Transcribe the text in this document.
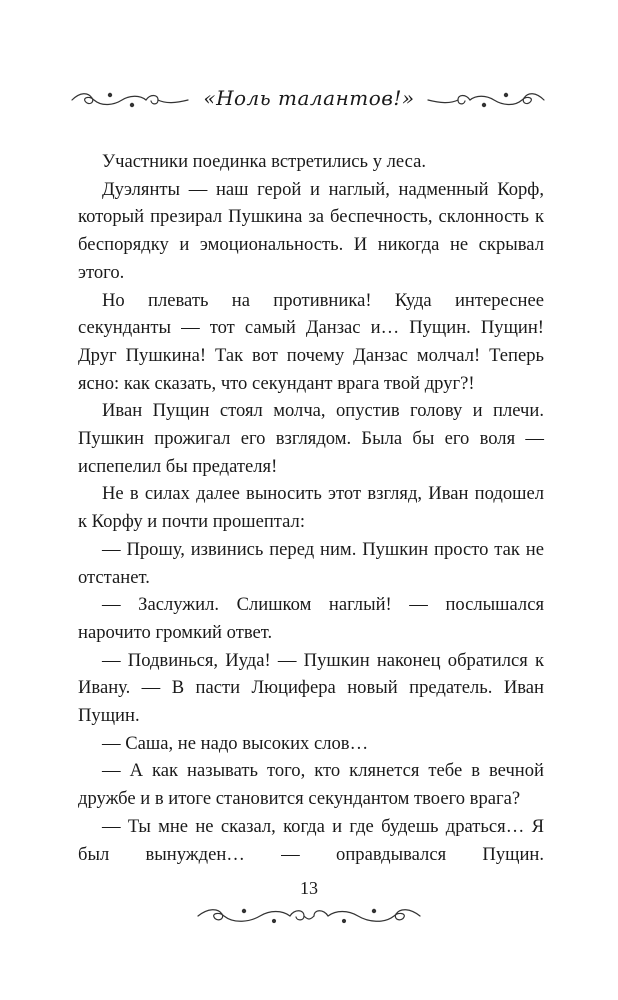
«Ноль талантов!»

Участники поединка встретились у леса.

Дуэлянты — наш герой и наглый, надменный Корф, который презирал Пушкина за беспечность, склонность к беспорядку и эмоциональность. И никогда не скрывал этого.

Но плевать на противника! Куда интереснее секунданты — тот самый Данзас и… Пущин. Пущин! Друг Пушкина! Так вот почему Данзас молчал! Теперь ясно: как сказать, что секундант врага твой друг?!

Иван Пущин стоял молча, опустив голову и плечи. Пушкин прожигал его взглядом. Была бы его воля — испепелил бы предателя!

Не в силах далее выносить этот взгляд, Иван подошел к Корфу и почти прошептал:

— Прошу, извинись перед ним. Пушкин просто так не отстанет.

— Заслужил. Слишком наглый! — послышался нарочито громкий ответ.

— Подвинься, Иуда! — Пушкин наконец обратился к Ивану. — В пасти Люцифера новый предатель. Иван Пущин.

— Саша, не надо высоких слов…

— А как называть того, кто клянется тебе в вечной дружбе и в итоге становится секундантом твоего врага?

— Ты мне не сказал, когда и где будешь драться… Я был вынужден… — оправдывался Пущин.

13
